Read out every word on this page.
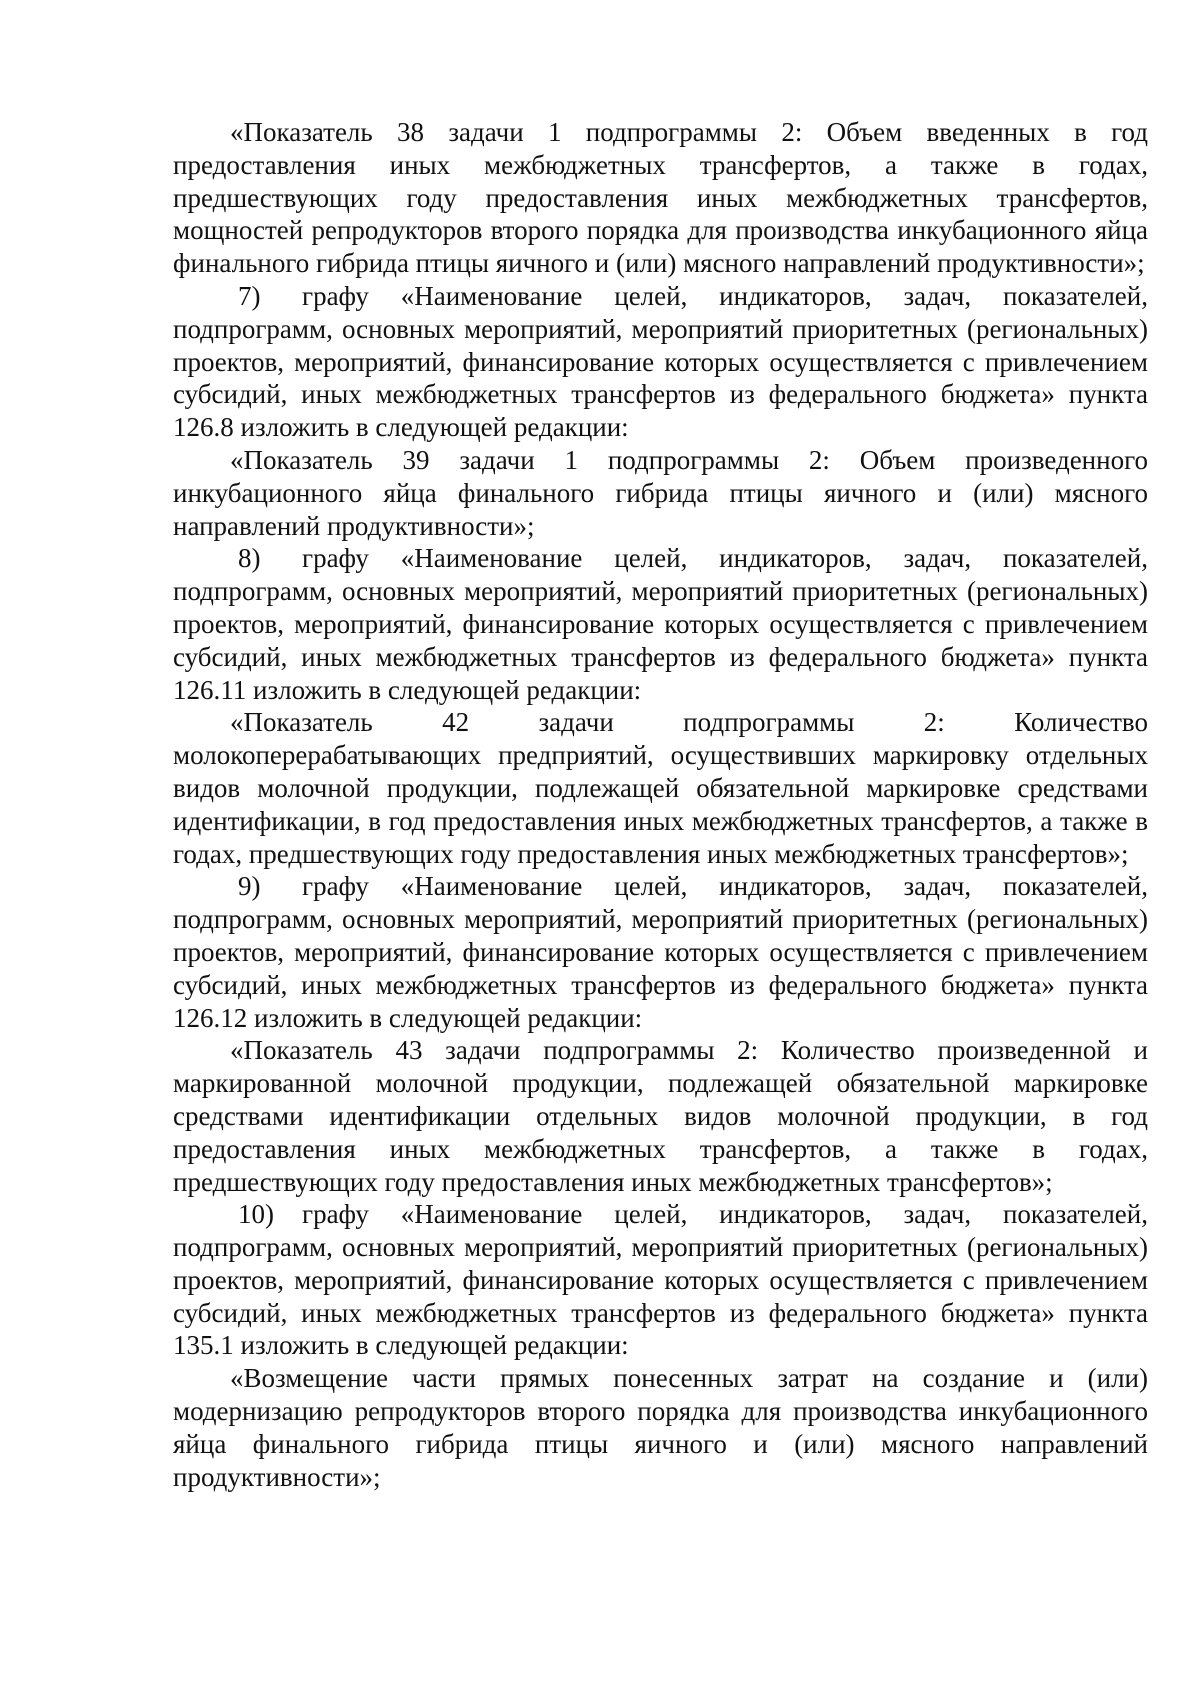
«Показатель 38 задачи 1 подпрограммы 2: Объем введенных в год предоставления иных межбюджетных трансфертов, а также в годах, предшествующих году предоставления иных межбюджетных трансфертов, мощностей репродукторов второго порядка для производства инкубационного яйца финального гибрида птицы яичного и (или) мясного направлений продуктивности»;

7) графу «Наименование целей, индикаторов, задач, показателей, подпрограмм, основных мероприятий, мероприятий приоритетных (региональных) проектов, мероприятий, финансирование которых осуществляется с привлечением субсидий, иных межбюджетных трансфертов из федерального бюджета» пункта 126.8 изложить в следующей редакции:

«Показатель 39 задачи 1 подпрограммы 2: Объем произведенного инкубационного яйца финального гибрида птицы яичного и (или) мясного направлений продуктивности»;

8) графу «Наименование целей, индикаторов, задач, показателей, подпрограмм, основных мероприятий, мероприятий приоритетных (региональных) проектов, мероприятий, финансирование которых осуществляется с привлечением субсидий, иных межбюджетных трансфертов из федерального бюджета» пункта 126.11 изложить в следующей редакции:

«Показатель 42 задачи подпрограммы 2: Количество молокоперерабатывающих предприятий, осуществивших маркировку отдельных видов молочной продукции, подлежащей обязательной маркировке средствами идентификации, в год предоставления иных межбюджетных трансфертов, а также в годах, предшествующих году предоставления иных межбюджетных трансфертов»;

9) графу «Наименование целей, индикаторов, задач, показателей, подпрограмм, основных мероприятий, мероприятий приоритетных (региональных) проектов, мероприятий, финансирование которых осуществляется с привлечением субсидий, иных межбюджетных трансфертов из федерального бюджета» пункта 126.12 изложить в следующей редакции:

«Показатель 43 задачи подпрограммы 2: Количество произведенной и маркированной молочной продукции, подлежащей обязательной маркировке средствами идентификации отдельных видов молочной продукции, в год предоставления иных межбюджетных трансфертов, а также в годах, предшествующих году предоставления иных межбюджетных трансфертов»;

10) графу «Наименование целей, индикаторов, задач, показателей, подпрограмм, основных мероприятий, мероприятий приоритетных (региональных) проектов, мероприятий, финансирование которых осуществляется с привлечением субсидий, иных межбюджетных трансфертов из федерального бюджета» пункта 135.1 изложить в следующей редакции:

«Возмещение части прямых понесенных затрат на создание и (или) модернизацию репродукторов второго порядка для производства инкубационного яйца финального гибрида птицы яичного и (или) мясного направлений продуктивности»;
